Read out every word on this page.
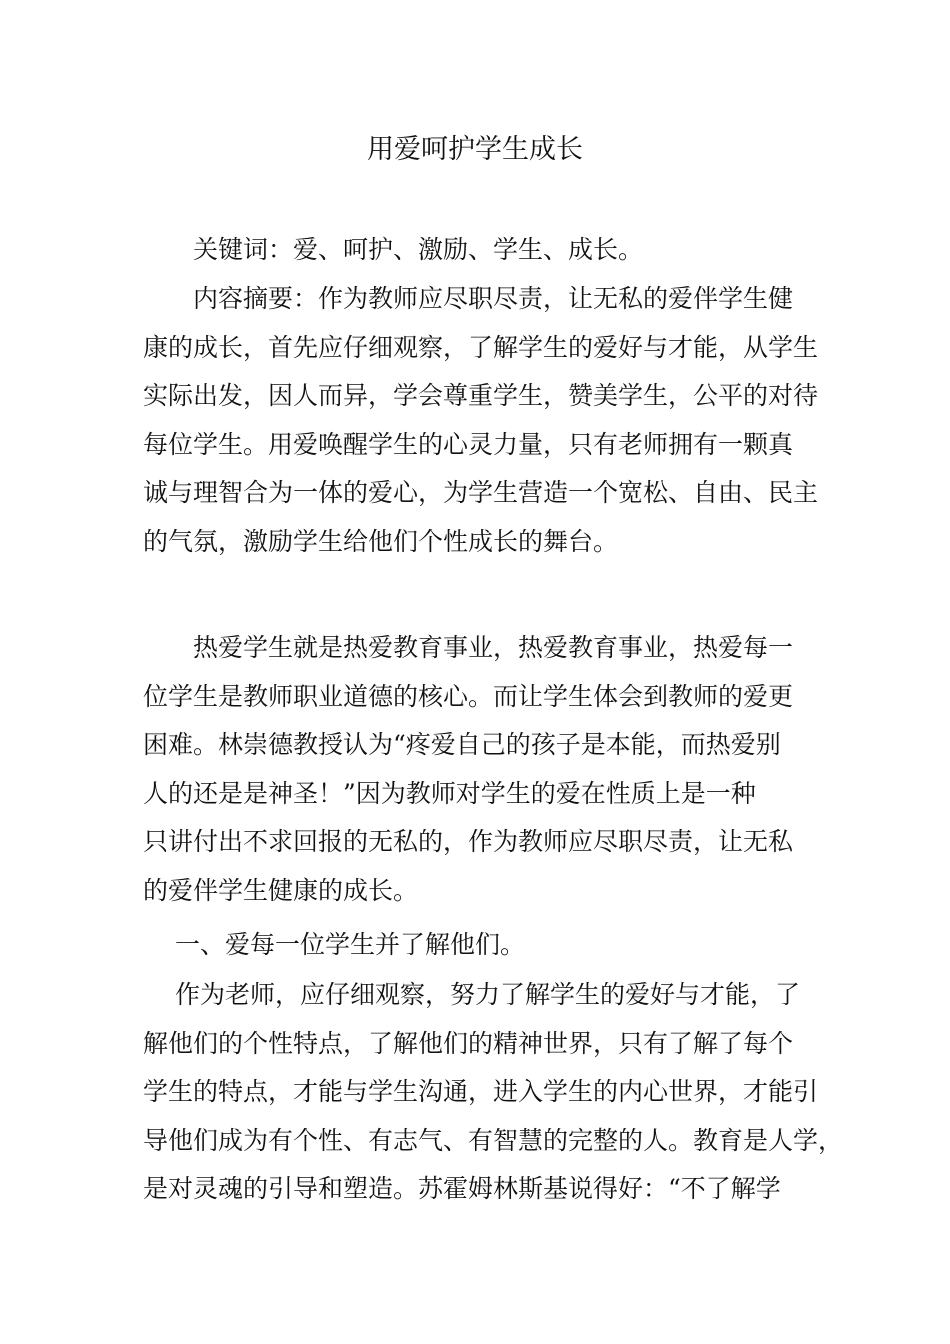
用爱呵护学生成长

关键词：爱、呵护、激励、学生、成长。

内容摘要：作为教师应尽职尽责，让无私的爱伴学生健

康的成长，首先应仔细观察，了解学生的爱好与才能，从学生

实际出发，因人而异，学会尊重学生，赞美学生，公平的对待

每位学生。用爱唤醒学生的心灵力量，只有老师拥有一颗真

诚与理智合为一体的爱心，为学生营造一个宽松、自由、民主

的气氛，激励学生给他们个性成长的舞台。

热爱学生就是热爱教育事业，热爱教育事业，热爱每一

位学生是教师职业道德的核心。而让学生体会到教师的爱更

困难。林崇德教授认为“疼爱自己的孩子是本能，而热爱别

人的还是是神圣！”因为教师对学生的爱在性质上是一种

只讲付出不求回报的无私的，作为教师应尽职尽责，让无私

的爱伴学生健康的成长。

一、爱每一位学生并了解他们。

作为老师，应仔细观察，努力了解学生的爱好与才能，了

解他们的个性特点，了解他们的精神世界，只有了解了每个

学生的特点，才能与学生沟通，进入学生的内心世界，才能引

导他们成为有个性、有志气、有智慧的完整的人。教育是人学，

是对灵魂的引导和塑造。苏霍姆林斯基说得好：“不了解学
